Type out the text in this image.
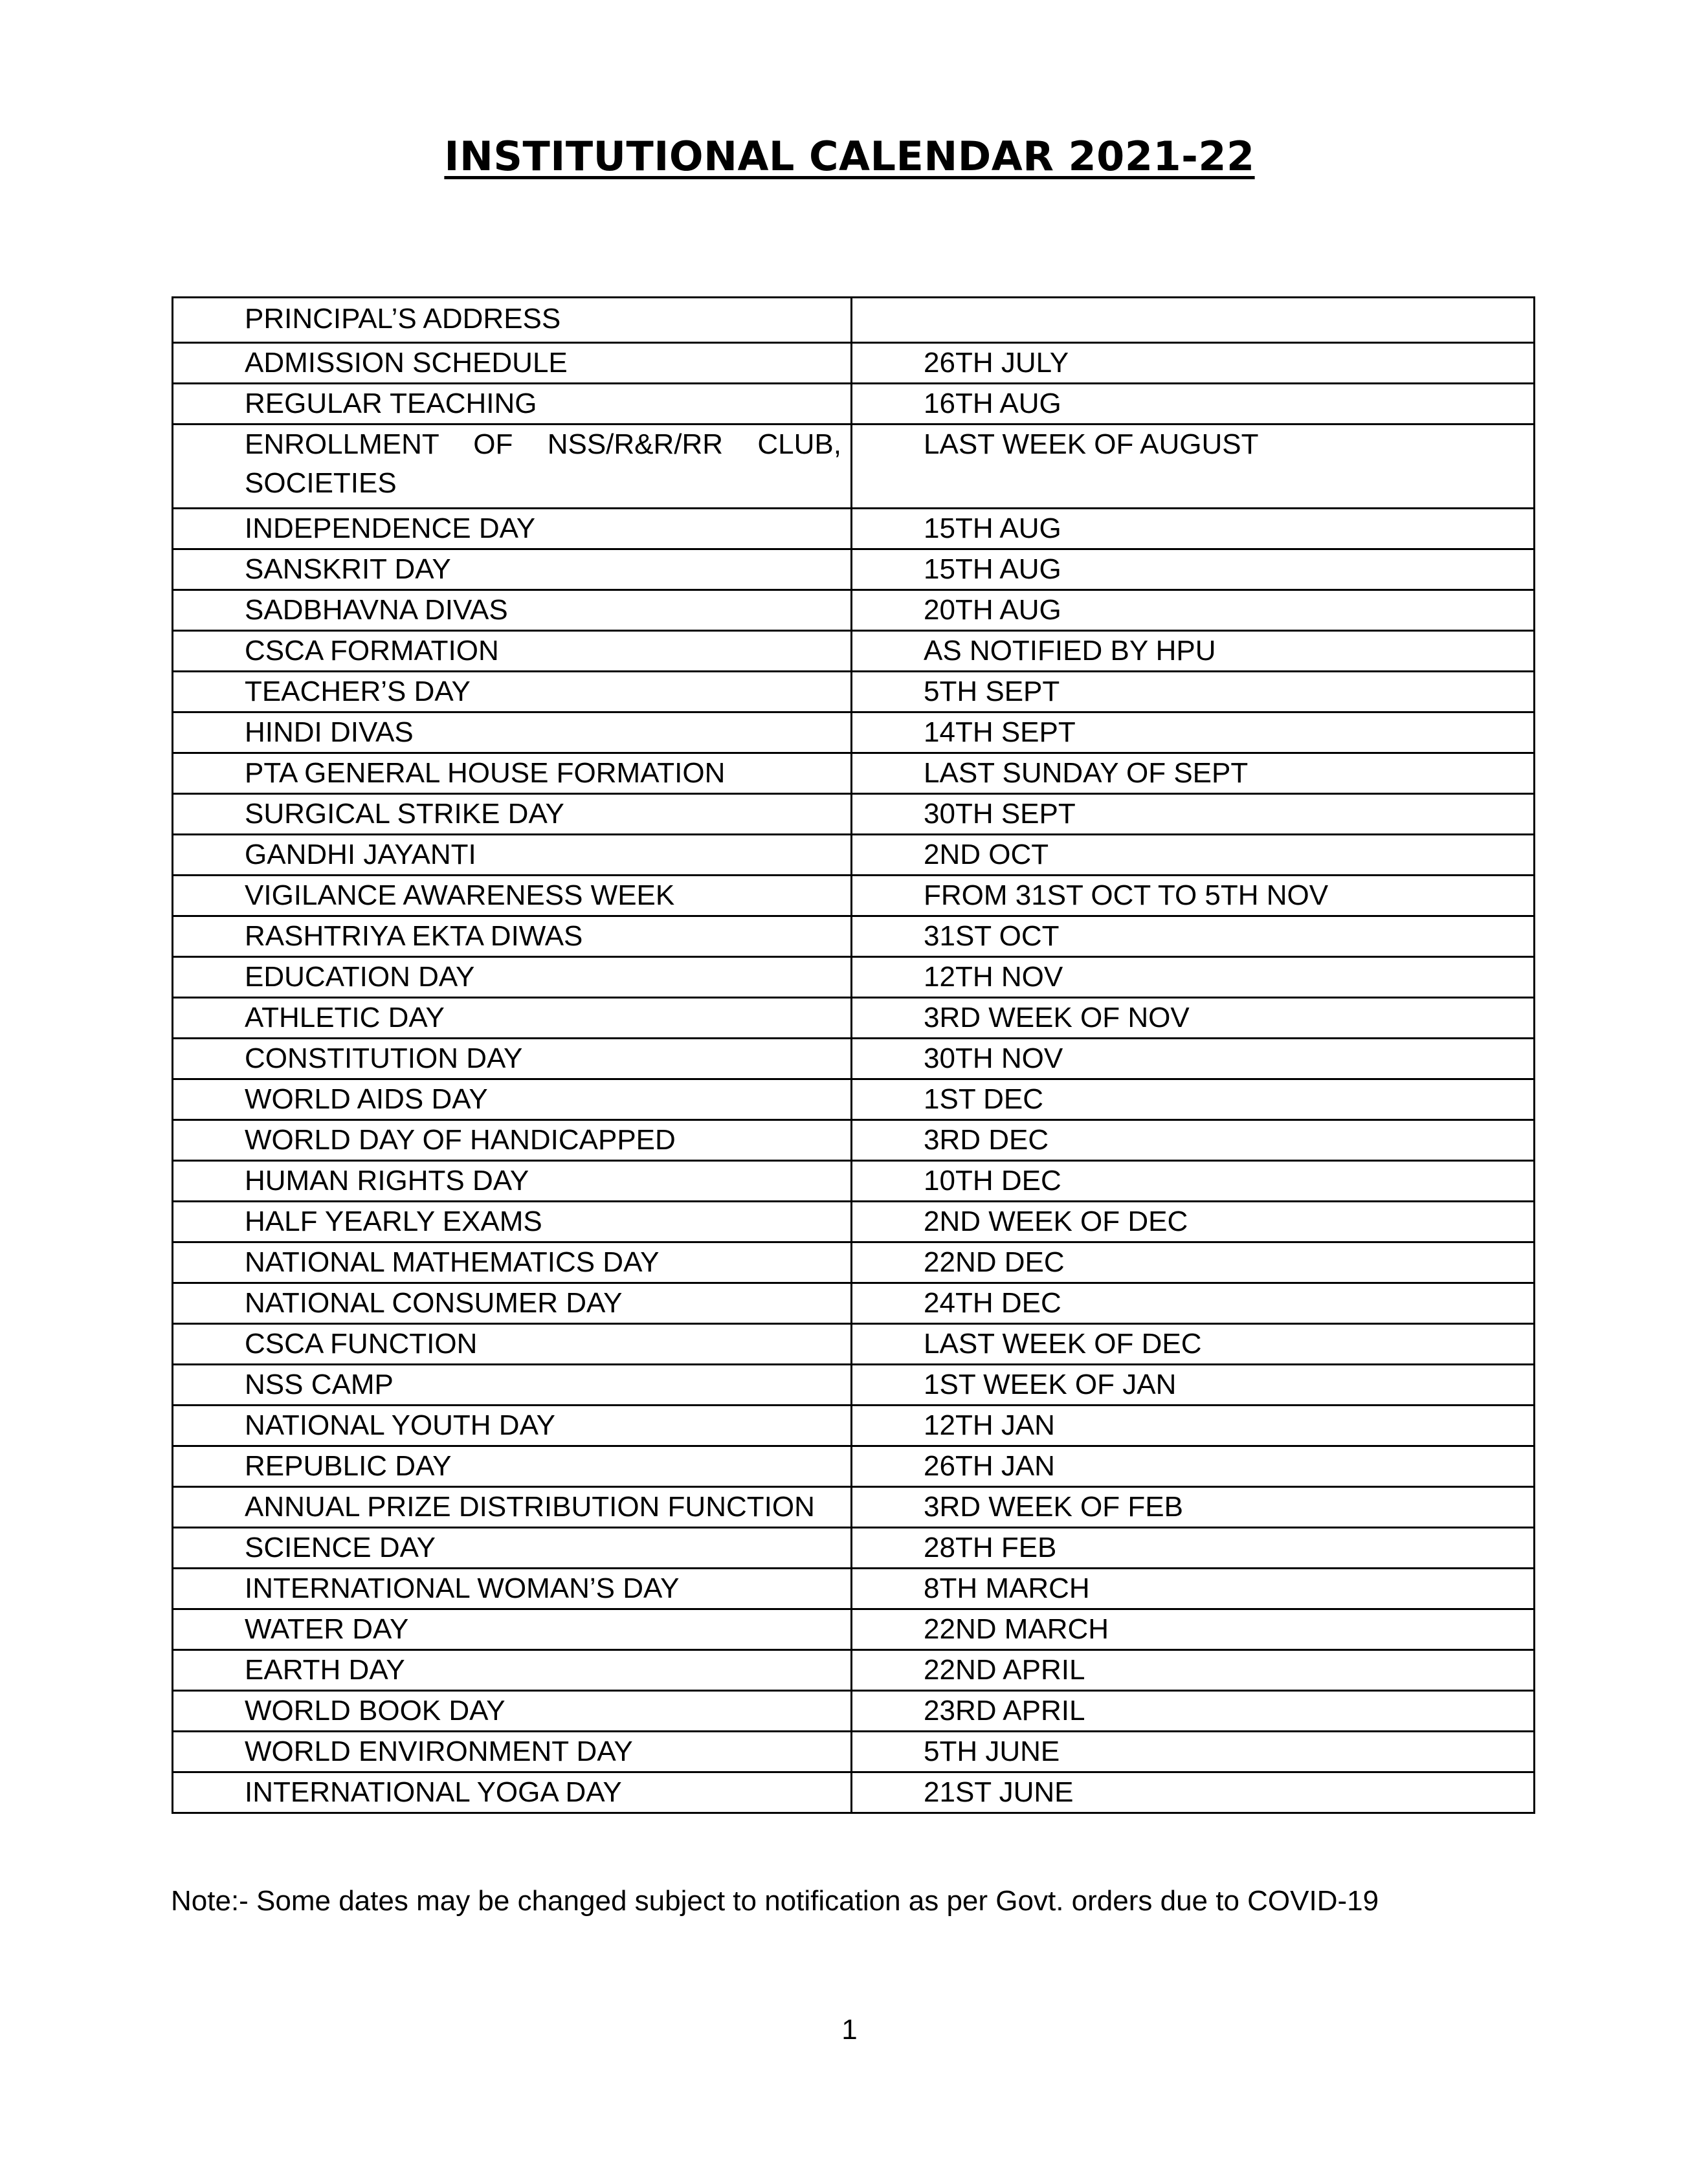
INSTITUTIONAL CALENDAR 2021-22
PRINCIPAL’S ADDRESS	
ADMISSION SCHEDULE	26TH JULY
REGULAR TEACHING	16TH AUG
ENROLLMENT OF NSS/R&R/RR CLUB, SOCIETIES	LAST WEEK OF AUGUST
INDEPENDENCE DAY	15TH AUG
SANSKRIT DAY	15TH AUG
SADBHAVNA DIVAS	20TH AUG
CSCA FORMATION	AS NOTIFIED BY HPU
TEACHER’S DAY	5TH SEPT
HINDI DIVAS	14TH SEPT
PTA GENERAL HOUSE FORMATION	LAST SUNDAY OF SEPT
SURGICAL STRIKE DAY	30TH SEPT
GANDHI JAYANTI	2ND OCT
VIGILANCE AWARENESS WEEK	FROM 31ST OCT TO 5TH NOV
RASHTRIYA EKTA DIWAS	31ST OCT
EDUCATION DAY	12TH NOV
ATHLETIC DAY	3RD WEEK OF NOV
CONSTITUTION DAY	30TH NOV
WORLD AIDS DAY	1ST DEC
WORLD DAY OF HANDICAPPED	3RD DEC
HUMAN RIGHTS DAY	10TH DEC
HALF YEARLY EXAMS	2ND WEEK OF DEC
NATIONAL MATHEMATICS DAY	22ND DEC
NATIONAL CONSUMER DAY	24TH DEC
CSCA FUNCTION	LAST WEEK OF DEC
NSS CAMP	1ST WEEK OF JAN
NATIONAL YOUTH DAY	12TH JAN
REPUBLIC DAY	26TH JAN
ANNUAL PRIZE DISTRIBUTION FUNCTION	3RD WEEK OF FEB
SCIENCE DAY	28TH FEB
INTERNATIONAL WOMAN’S DAY	8TH MARCH
WATER DAY	22ND MARCH
EARTH DAY	22ND APRIL
WORLD BOOK DAY	23RD APRIL
WORLD ENVIRONMENT DAY	5TH JUNE
INTERNATIONAL YOGA DAY	21ST JUNE
Note:- Some dates may be changed subject to notification as per Govt. orders due to COVID-19
1
